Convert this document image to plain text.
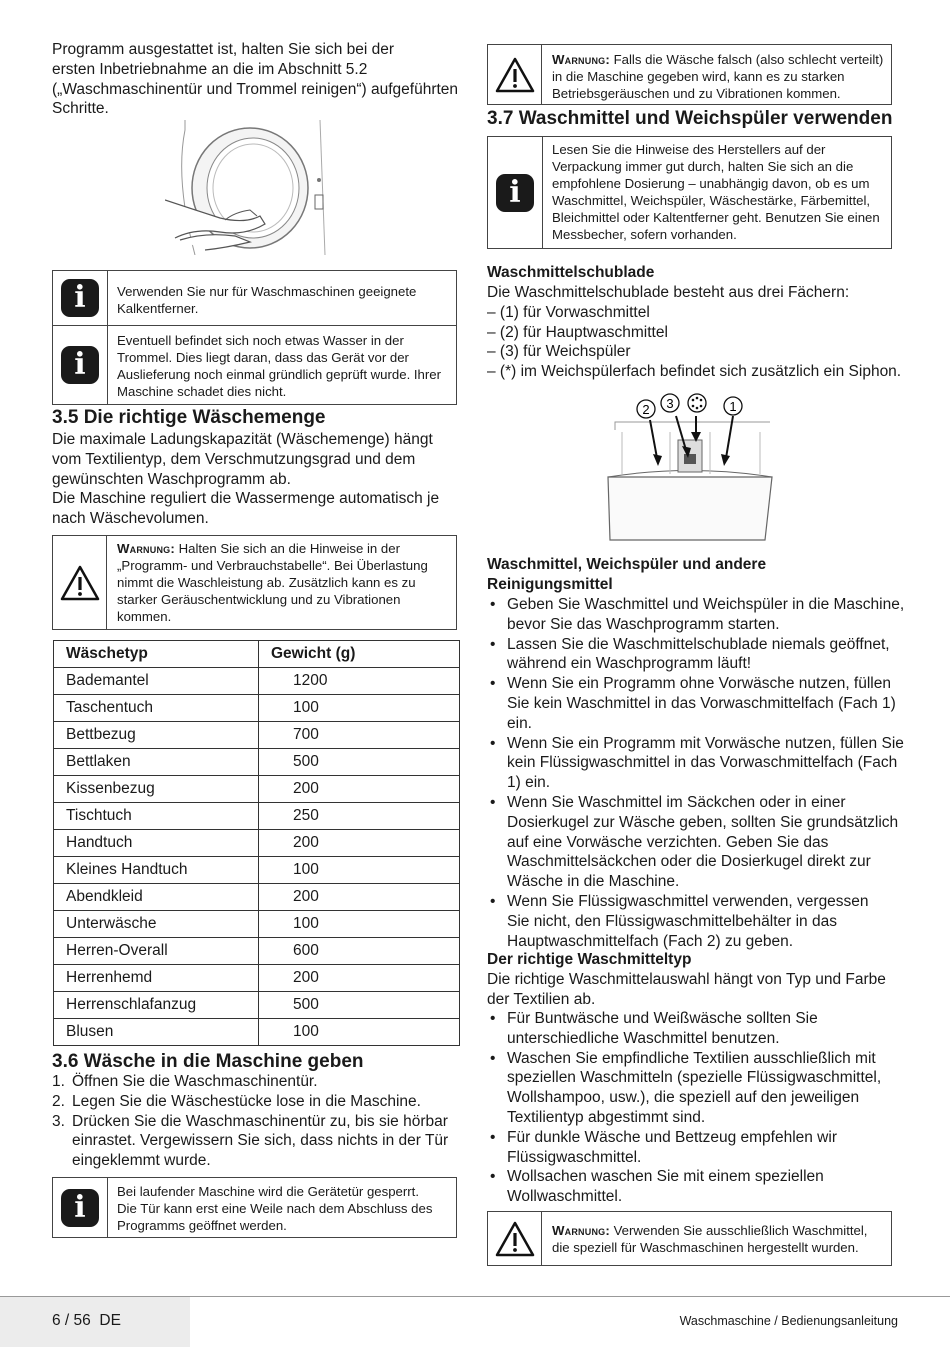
Programm ausgestattet ist, halten Sie sich bei der
ersten Inbetriebnahme an die im Abschnitt 5.2
(„Waschmaschinentür und Trommel reinigen“) aufgeführten
Schritte.
i	Verwenden Sie nur für Waschmaschinen geeignete
Kalkentferner.
i
Eventuell befindet sich noch etwas Wasser in der
Trommel. Dies liegt daran, dass das Gerät vor der
Auslieferung noch einmal gründlich geprüft wurde. Ihrer
Maschine schadet dies nicht.
3.5 Die richtige Wäschemenge
Die maximale Ladungskapazität (Wäschemenge) hängt
vom Textilientyp, dem Verschmutzungsgrad und dem
gewünschten Waschprogramm ab.
Die Maschine reguliert die Wassermenge automatisch je
nach Wäschevolumen.
Warnung: Halten Sie sich an die Hinweise in der
„Programm- und Verbrauchstabelle“. Bei Überlastung
nimmt die Waschleistung ab. Zusätzlich kann es zu
starker Geräuschentwicklung und zu Vibrationen
kommen.
Wäschetyp	Gewicht (g)
Bademantel	1200
Taschentuch	100
Bettbezug	700
Bettlaken	500
Kissenbezug	200
Tischtuch	250
Handtuch	200
Kleines Handtuch	100
Abendkleid	200
Unterwäsche	100
Herren-Overall	600
Herrenhemd	200
Herrenschlafanzug	500
Blusen	100
3.6 Wäsche in die Maschine geben
1. Öffnen Sie die Waschmaschinentür.
2. Legen Sie die Wäschestücke lose in die Maschine.
3. Drücken Sie die Waschmaschinentür zu, bis sie hörbar
einrastet. Vergewissern Sie sich, dass nichts in der Tür
eingeklemmt wurde.
i	Bei laufender Maschine wird die Gerätetür gesperrt.
Die Tür kann erst eine Weile nach dem Abschluss des
Programms geöffnet werden.
Warnung: Falls die Wäsche falsch (also schlecht verteilt)
in die Maschine gegeben wird, kann es zu starken
Betriebsgeräuschen und zu Vibrationen kommen.
3.7 Waschmittel und Weichspüler verwenden
i
Lesen Sie die Hinweise des Herstellers auf der
Verpackung immer gut durch, halten Sie sich an die
empfohlene Dosierung – unabhängig davon, ob es um
Waschmittel, Weichspüler, Wäschestärke, Färbemittel,
Bleichmittel oder Kaltentferner geht. Benutzen Sie einen
Messbecher, sofern vorhanden.
Waschmittelschublade
Die Waschmittelschublade besteht aus drei Fächern:
– (1) für Vorwaschmittel
– (2) für Hauptwaschmittel
– (3) für Weichspüler
– (*) im Weichspülerfach befindet sich zusätzlich ein Siphon.
2 3	1
Waschmittel, Weichspüler und andere
Reinigungsmittel
• Geben Sie Waschmittel und Weichspüler in die Maschine,
bevor Sie das Waschprogramm starten.
• Lassen Sie die Waschmittelschublade niemals geöffnet,
während ein Waschprogramm läuft!
• Wenn Sie ein Programm ohne Vorwäsche nutzen, füllen
Sie kein Waschmittel in das Vorwaschmittelfach (Fach 1)
ein.
• Wenn Sie ein Programm mit Vorwäsche nutzen, füllen Sie
kein Flüssigwaschmittel in das Vorwaschmittelfach (Fach
1) ein.
• Wenn Sie Waschmittel im Säckchen oder in einer
Dosierkugel zur Wäsche geben, sollten Sie grundsätzlich
auf eine Vorwäsche verzichten. Geben Sie das
Waschmittelsäckchen oder die Dosierkugel direkt zur
Wäsche in die Maschine.
• Wenn Sie Flüssigwaschmittel verwenden, vergessen
Sie nicht, den Flüssigwaschmittelbehälter in das
Hauptwaschmittelfach (Fach 2) zu geben.
Der richtige Waschmitteltyp
Die richtige Waschmittelauswahl hängt von Typ und Farbe
der Textilien ab.
• Für Buntwäsche und Weißwäsche sollten Sie
unterschiedliche Waschmittel benutzen.
• Waschen Sie empfindliche Textilien ausschließlich mit
speziellen Waschmitteln (spezielle Flüssigwaschmittel,
Wollshampoo, usw.), die speziell auf den jeweiligen
Textilientyp abgestimmt sind.
• Für dunkle Wäsche und Bettzeug empfehlen wir
Flüssigwaschmittel.
• Wollsachen waschen Sie mit einem speziellen
Wollwaschmittel.
Warnung: Verwenden Sie ausschließlich Waschmittel,
die speziell für Waschmaschinen hergestellt wurden.
6 / 56 DE	Waschmaschine / Bedienungsanleitung
